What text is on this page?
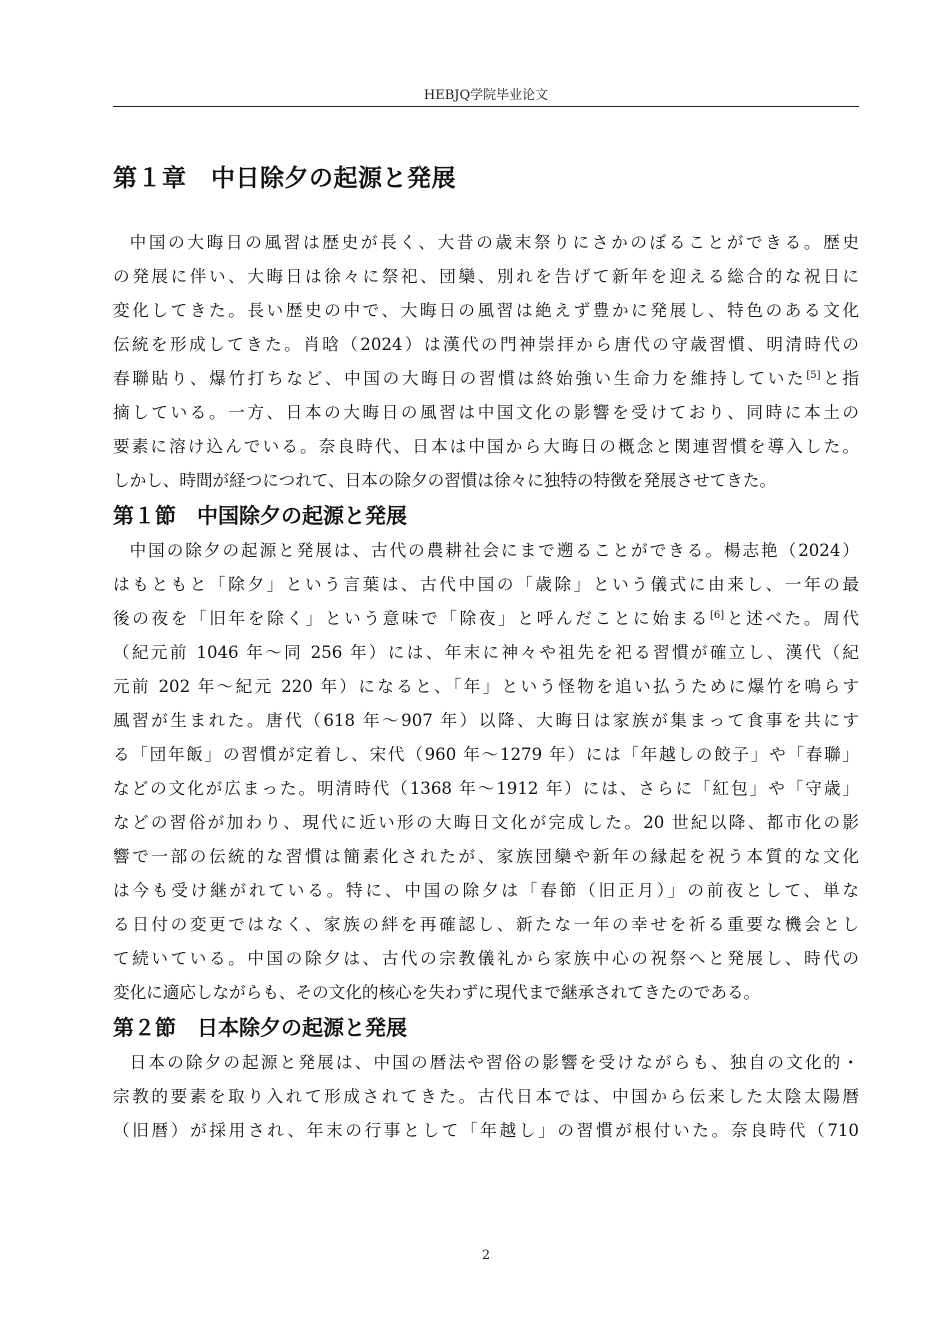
HEBJQ学院毕业论文
第１章　中日除夕の起源と発展
中国の大晦日の風習は歴史が長く、大昔の歳末祭りにさかのぼることができる。歴史
の発展に伴い、大晦日は徐々に祭祀、団欒、別れを告げて新年を迎える総合的な祝日に
変化してきた。長い歴史の中で、大晦日の風習は絶えず豊かに発展し、特色のある文化
伝統を形成してきた。肖晗（2024）は漢代の門神崇拝から唐代の守歳習慣、明清時代の
春聯貼り、爆竹打ちなど、中国の大晦日の習慣は終始強い生命力を維持していた[5]と指
摘している。一方、日本の大晦日の風習は中国文化の影響を受けており、同時に本土の
要素に溶け込んでいる。奈良時代、日本は中国から大晦日の概念と関連習慣を導入した。
しかし、時間が経つにつれて、日本の除夕の習慣は徐々に独特の特徴を発展させてきた。
第１節　中国除夕の起源と発展
中国の除夕の起源と発展は、古代の農耕社会にまで遡ることができる。楊志艳（2024）
はもともと「除夕」という言葉は、古代中国の「歳除」という儀式に由来し、一年の最
後の夜を「旧年を除く」という意味で「除夜」と呼んだことに始まる[6]と述べた。周代
（紀元前 1046 年～同 256 年）には、年末に神々や祖先を祀る習慣が確立し、漢代（紀
元前 202 年～紀元 220 年）になると、「年」という怪物を追い払うために爆竹を鳴らす
風習が生まれた。唐代（618 年～907 年）以降、大晦日は家族が集まって食事を共にす
る「団年飯」の習慣が定着し、宋代（960 年～1279 年）には「年越しの餃子」や「春聯」
などの文化が広まった。明清時代（1368 年～1912 年）には、さらに「紅包」や「守歳」
などの習俗が加わり、現代に近い形の大晦日文化が完成した。20 世紀以降、都市化の影
響で一部の伝統的な習慣は簡素化されたが、家族団欒や新年の縁起を祝う本質的な文化
は今も受け継がれている。特に、中国の除夕は「春節（旧正月）」の前夜として、単な
る日付の変更ではなく、家族の絆を再確認し、新たな一年の幸せを祈る重要な機会とし
て続いている。中国の除夕は、古代の宗教儀礼から家族中心の祝祭へと発展し、時代の
変化に適応しながらも、その文化的核心を失わずに現代まで継承されてきたのである。
第２節　日本除夕の起源と発展
日本の除夕の起源と発展は、中国の暦法や習俗の影響を受けながらも、独自の文化的・
宗教的要素を取り入れて形成されてきた。古代日本では、中国から伝来した太陰太陽暦
（旧暦）が採用され、年末の行事として「年越し」の習慣が根付いた。奈良時代（710
2
